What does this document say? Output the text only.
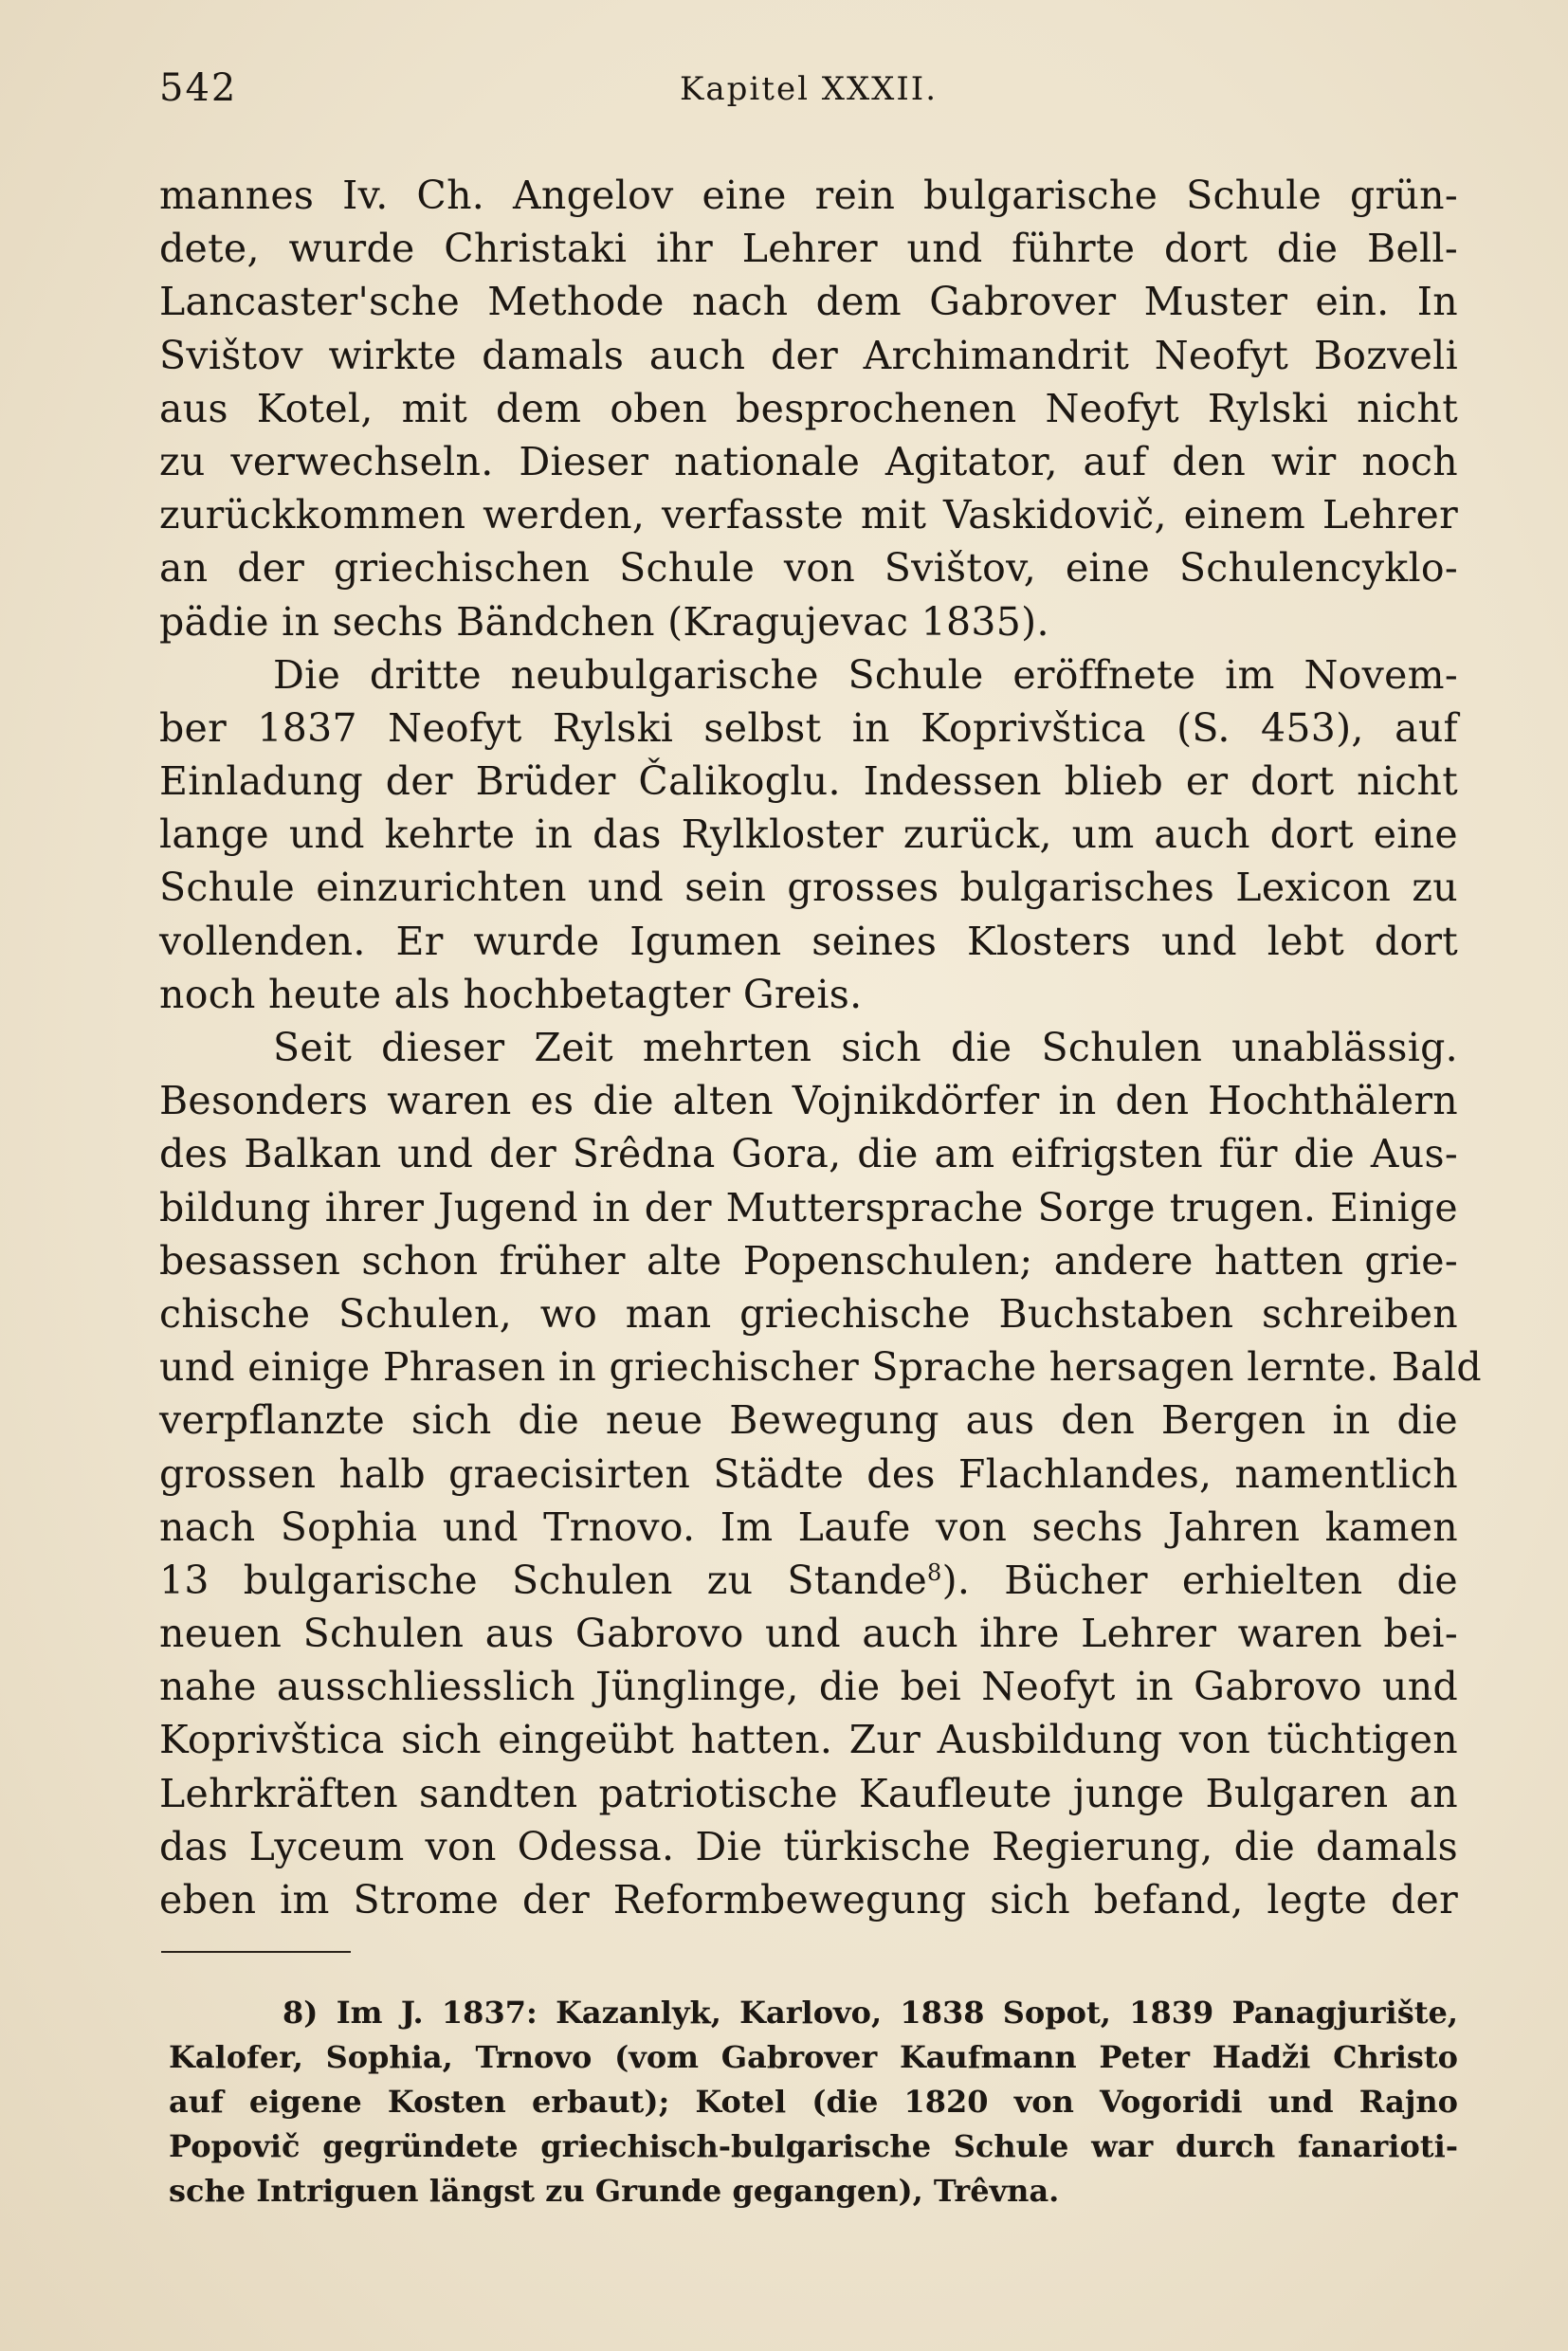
542	Kapitel XXXII.
mannes Iv. Ch. Angelov eine rein bulgarische Schule grün-
dete, wurde Christaki ihr Lehrer und führte dort die Bell-
Lancaster'sche Methode nach dem Gabrover Muster ein. In
Svištov wirkte damals auch der Archimandrit Neofyt Bozveli
aus Kotel, mit dem oben besprochenen Neofyt Rylski nicht
zu verwechseln. Dieser nationale Agitator, auf den wir noch
zurückkommen werden, verfasste mit Vaskidovič, einem Lehrer
an der griechischen Schule von Svištov, eine Schulencyklo-
pädie in sechs Bändchen (Kragujevac 1835).
Die dritte neubulgarische Schule eröffnete im Novem-
ber 1837 Neofyt Rylski selbst in Koprivštica (S. 453), auf
Einladung der Brüder Čalikoglu. Indessen blieb er dort nicht
lange und kehrte in das Rylkloster zurück, um auch dort eine
Schule einzurichten und sein grosses bulgarisches Lexicon zu
vollenden. Er wurde Igumen seines Klosters und lebt dort
noch heute als hochbetagter Greis.
Seit dieser Zeit mehrten sich die Schulen unablässig.
Besonders waren es die alten Vojnikdörfer in den Hochthälern
des Balkan und der Srêdna Gora, die am eifrigsten für die Aus-
bildung ihrer Jugend in der Muttersprache Sorge trugen. Einige
besassen schon früher alte Popenschulen; andere hatten grie-
chische Schulen, wo man griechische Buchstaben schreiben
und einige Phrasen in griechischer Sprache hersagen lernte. Bald
verpflanzte sich die neue Bewegung aus den Bergen in die
grossen halb graecisirten Städte des Flachlandes, namentlich
nach Sophia und Trnovo. Im Laufe von sechs Jahren kamen
13 bulgarische Schulen zu Stande$^8$). Bücher erhielten die
neuen Schulen aus Gabrovo und auch ihre Lehrer waren bei-
nahe ausschliesslich Jünglinge, die bei Neofyt in Gabrovo und
Koprivštica sich eingeübt hatten. Zur Ausbildung von tüchtigen
Lehrkräften sandten patriotische Kaufleute junge Bulgaren an
das Lyceum von Odessa. Die türkische Regierung, die damals
eben im Strome der Reformbewegung sich befand, legte der
8) Im J. 1837: Kazanlyk, Karlovo, 1838 Sopot, 1839 Panagjurište,
Kalofer, Sophia, Trnovo (vom Gabrover Kaufmann Peter Hadži Christo
auf eigene Kosten erbaut); Kotel (die 1820 von Vogoridi und Rajno
Popovič gegründete griechisch-bulgarische Schule war durch fanarioti-
sche Intriguen längst zu Grunde gegangen), Trêvna.
